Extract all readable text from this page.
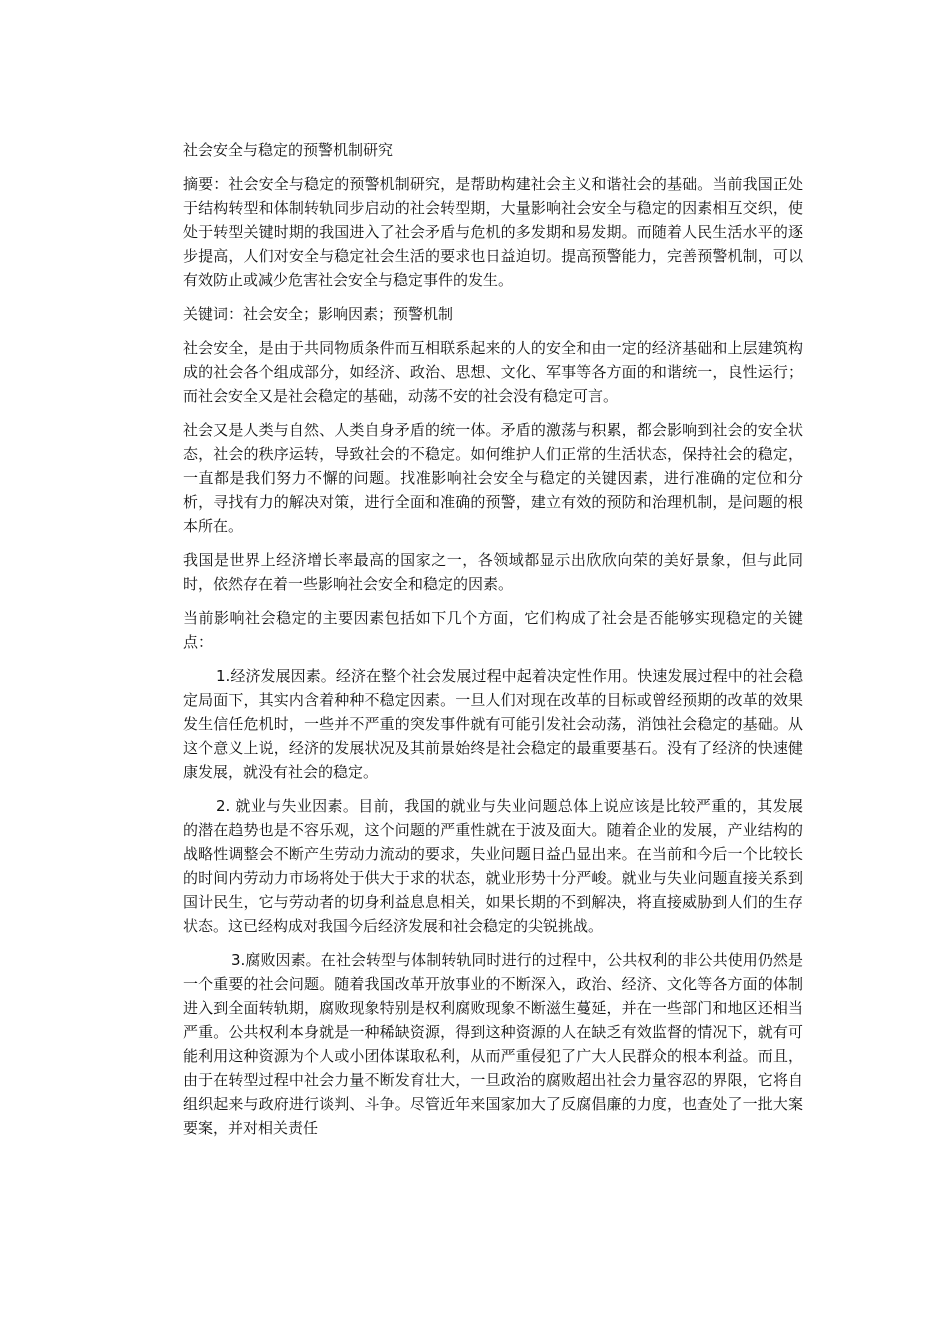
社会安全与稳定的预警机制研究

摘要：社会安全与稳定的预警机制研究，是帮助构建社会主义和谐社会的基础。当前我国正处于结构转型和体制转轨同步启动的社会转型期，大量影响社会安全与稳定的因素相互交织，使处于转型关键时期的我国进入了社会矛盾与危机的多发期和易发期。而随着人民生活水平的逐步提高，人们对安全与稳定社会生活的要求也日益迫切。提高预警能力，完善预警机制，可以有效防止或减少危害社会安全与稳定事件的发生。

关键词：社会安全；影响因素；预警机制

社会安全，是由于共同物质条件而互相联系起来的人的安全和由一定的经济基础和上层建筑构成的社会各个组成部分，如经济、政治、思想、文化、军事等各方面的和谐统一，良性运行；而社会安全又是社会稳定的基础，动荡不安的社会没有稳定可言。

社会又是人类与自然、人类自身矛盾的统一体。矛盾的激荡与积累，都会影响到社会的安全状态，社会的秩序运转，导致社会的不稳定。如何维护人们正常的生活状态，保持社会的稳定，一直都是我们努力不懈的问题。找准影响社会安全与稳定的关键因素，进行准确的定位和分析，寻找有力的解决对策，进行全面和准确的预警，建立有效的预防和治理机制，是问题的根本所在。

我国是世界上经济增长率最高的国家之一，各领域都显示出欣欣向荣的美好景象，但与此同时，依然存在着一些影响社会安全和稳定的因素。

当前影响社会稳定的主要因素包括如下几个方面，它们构成了社会是否能够实现稳定的关键点：

1.经济发展因素。经济在整个社会发展过程中起着决定性作用。快速发展过程中的社会稳定局面下，其实内含着种种不稳定因素。一旦人们对现在改革的目标或曾经预期的改革的效果发生信任危机时，一些并不严重的突发事件就有可能引发社会动荡，消蚀社会稳定的基础。从这个意义上说，经济的发展状况及其前景始终是社会稳定的最重要基石。没有了经济的快速健康发展，就没有社会的稳定。

2. 就业与失业因素。目前，我国的就业与失业问题总体上说应该是比较严重的，其发展的潜在趋势也是不容乐观，这个问题的严重性就在于波及面大。随着企业的发展，产业结构的战略性调整会不断产生劳动力流动的要求，失业问题日益凸显出来。在当前和今后一个比较长的时间内劳动力市场将处于供大于求的状态，就业形势十分严峻。就业与失业问题直接关系到国计民生，它与劳动者的切身利益息息相关，如果长期的不到解决，将直接威胁到人们的生存状态。这已经构成对我国今后经济发展和社会稳定的尖锐挑战。

3.腐败因素。在社会转型与体制转轨同时进行的过程中，公共权利的非公共使用仍然是一个重要的社会问题。随着我国改革开放事业的不断深入，政治、经济、文化等各方面的体制进入到全面转轨期，腐败现象特别是权利腐败现象不断滋生蔓延，并在一些部门和地区还相当严重。公共权利本身就是一种稀缺资源，得到这种资源的人在缺乏有效监督的情况下，就有可能利用这种资源为个人或小团体谋取私利，从而严重侵犯了广大人民群众的根本利益。而且，由于在转型过程中社会力量不断发育壮大，一旦政治的腐败超出社会力量容忍的界限，它将自组织起来与政府进行谈判、斗争。尽管近年来国家加大了反腐倡廉的力度，也查处了一批大案要案，并对相关责任
